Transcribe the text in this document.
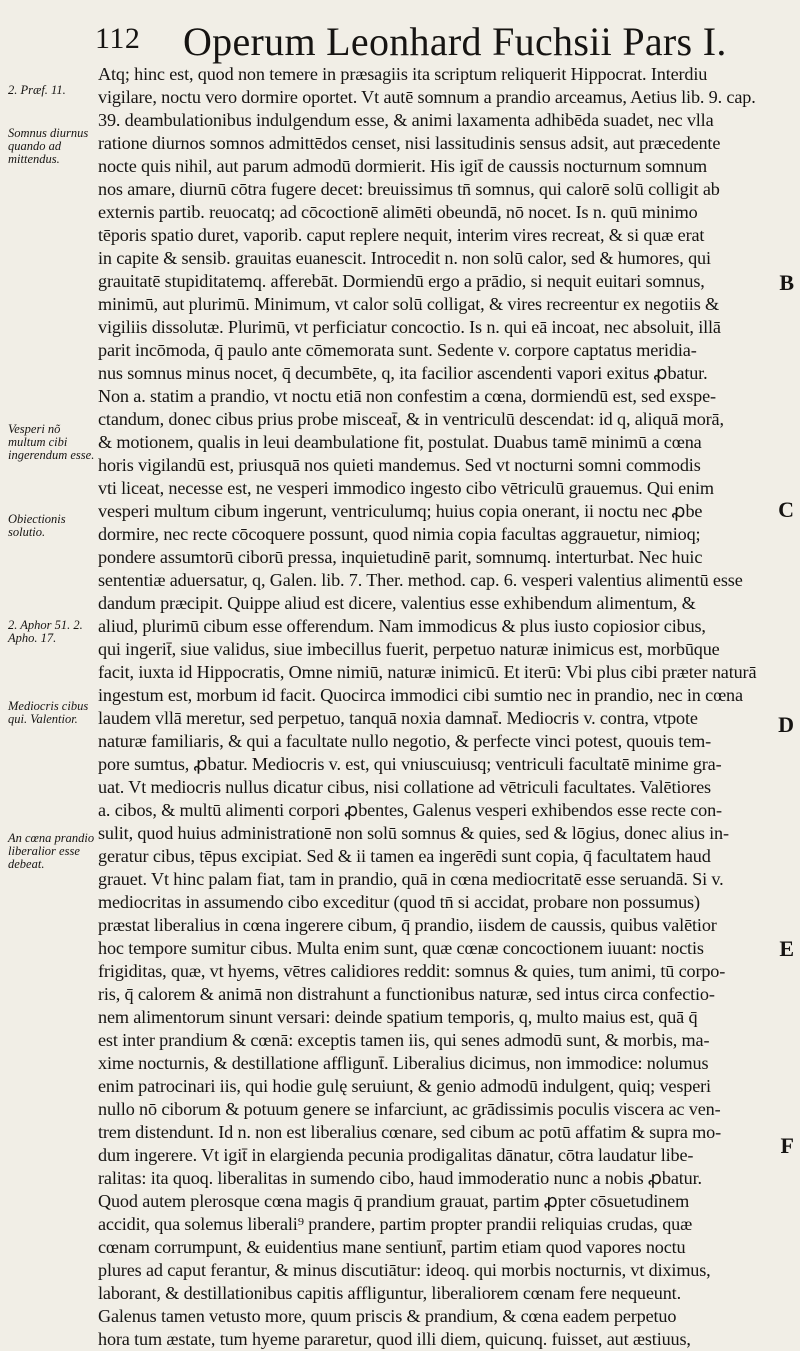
112 Operum Leonhard Fuchsii Pars I.
2. Præf. 11.
Somnus diurnus quando ad mittendus.
Vesperi nõ multum cibi ingerendum esse.
Obiectionis solutio.
2. Aphor 51. 2. Apho. 17.
Mediocris cibus qui. Valentior.
An cœna prandio liberalior esse debeat.
B
C
D
E
F
Atq; hinc est, quod non temere in præsagiis ita scriptum reliquerit Hippocrat. Interdiu
vigilare, noctu vero dormire oportet. Vt autē somnum a prandio arceamus, Aetius lib. 9. cap.
39. deambulationibus indulgendum esse, & animi laxamenta adhibēda suadet, nec vlla
ratione diurnos somnos admittēdos censet, nisi lassitudinis sensus adsit, aut præcedente
nocte quis nihil, aut parum admodū dormierit. His igit̄ de caussis nocturnum somnum
nos amare, diurnū cōtra fugere decet: breuissimus tn̄ somnus, qui calorē solū colligit ab
externis partib. reuocatq; ad cōcoctionē alimēti obeundā, nō nocet. Is n. quū minimo
tēporis spatio duret, vaporib. caput replere nequit, interim vires recreat, & si quæ erat
in capite & sensib. grauitas euanescit. Introcedit n. non solū calor, sed & humores, qui
grauitatē stupiditatemq. afferebāt. Dormiendū ergo a prādio, si nequit euitari somnus,
minimū, aut plurimū. Minimum, vt calor solū colligat, & vires recreentur ex negotiis &
vigiliis dissolutæ. Plurimū, vt perficiatur concoctio. Is n. qui eā incoat, nec absoluit, illā
parit incōmoda, q̄ paulo ante cōmemorata sunt. Sedente v. corpore captatus meridia-
nus somnus minus nocet, q̄ decumbēte, q, ita facilior ascendenti vapori exitus ꝓbatur.
Non a. statim a prandio, vt noctu etiā non confestim a cœna, dormiendū est, sed exspe-
ctandum, donec cibus prius probe misceat̄, & in ventriculū descendat: id q, aliquā morā,
& motionem, qualis in leui deambulatione fit, postulat. Duabus tamē minimū a cœna
horis vigilandū est, priusquā nos quieti mandemus. Sed vt nocturni somni commodis
vti liceat, necesse est, ne vesperi immodico ingesto cibo vētriculū grauemus. Qui enim
vesperi multum cibum ingerunt, ventriculumq; huius copia onerant, ii noctu nec ꝓbe
dormire, nec recte cōcoquere possunt, quod nimia copia facultas aggrauetur, nimioq;
pondere assumtorū ciborū pressa, inquietudinē parit, somnumq. interturbat. Nec huic
sententiæ aduersatur, q, Galen. lib. 7. Ther. method. cap. 6. vesperi valentius alimentū esse
dandum præcipit. Quippe aliud est dicere, valentius esse exhibendum alimentum, &
aliud, plurimū cibum esse offerendum. Nam immodicus & plus iusto copiosior cibus,
qui ingerit̄, siue validus, siue imbecillus fuerit, perpetuo naturæ inimicus est, morbūque
facit, iuxta id Hippocratis, Omne nimiū, naturæ inimicū. Et iterū: Vbi plus cibi præter naturā
ingestum est, morbum id facit. Quocirca immodici cibi sumtio nec in prandio, nec in cœna
laudem vllā meretur, sed perpetuo, tanquā noxia damnat̄. Mediocris v. contra, vtpote
naturæ familiaris, & qui a facultate nullo negotio, & perfecte vinci potest, quouis tem-
pore sumtus, ꝓbatur. Mediocris v. est, qui vniuscuiusq; ventriculi facultatē minime gra-
uat. Vt mediocris nullus dicatur cibus, nisi collatione ad vētriculi facultates. Valētiores
a. cibos, & multū alimenti corpori ꝓbentes, Galenus vesperi exhibendos esse recte con-
sulit, quod huius administrationē non solū somnus & quies, sed & lōgius, donec alius in-
geratur cibus, tēpus excipiat. Sed & ii tamen ea ingerēdi sunt copia, q̄ facultatem haud
grauet. Vt hinc palam fiat, tam in prandio, quā in cœna mediocritatē esse seruandā. Si v.
mediocritas in assumendo cibo exceditur (quod tn̄ si accidat, probare non possumus)
præstat liberalius in cœna ingerere cibum, q̄ prandio, iisdem de caussis, quibus valētior
hoc tempore sumitur cibus. Multa enim sunt, quæ cœnæ concoctionem iuuant: noctis
frigiditas, quæ, vt hyems, vētres calidiores reddit: somnus & quies, tum animi, tū corpo-
ris, q̄ calorem & animā non distrahunt a functionibus naturæ, sed intus circa confectio-
nem alimentorum sinunt versari: deinde spatium temporis, q, multo maius est, quā q̄
est inter prandium & cœnā: exceptis tamen iis, qui senes admodū sunt, & morbis, ma-
xime nocturnis, & destillatione affligunt̄. Liberalius dicimus, non immodice: nolumus
enim patrocinari iis, qui hodie gulę seruiunt, & genio admodū indulgent, quiq; vesperi
nullo nō ciborum & potuum genere se infarciunt, ac grādissimis poculis viscera ac ven-
trem distendunt. Id n. non est liberalius cœnare, sed cibum ac potū affatim & supra mo-
dum ingerere. Vt igit̄ in elargienda pecunia prodigalitas dānatur, cōtra laudatur libe-
ralitas: ita quoq. liberalitas in sumendo cibo, haud immoderatio nunc a nobis ꝓbatur.
Quod autem plerosque cœna magis q̄ prandium grauat, partim ꝓpter cōsuetudinem
accidit, qua solemus liberali⁹ prandere, partim propter prandii reliquias crudas, quæ
cœnam corrumpunt, & euidentius mane sentiunt̄, partim etiam quod vapores noctu
plures ad caput ferantur, & minus discutiātur: ideoq. qui morbis nocturnis, vt diximus,
laborant, & destillationibus capitis affliguntur, liberaliorem cœnam fere nequeunt.
Galenus tamen vetusto more, quum priscis & prandium, & cœna eadem perpetuo
hora tum æstate, tum hyeme pararetur, quod illi diem, quicunq. fuisset, aut æstiuus,
